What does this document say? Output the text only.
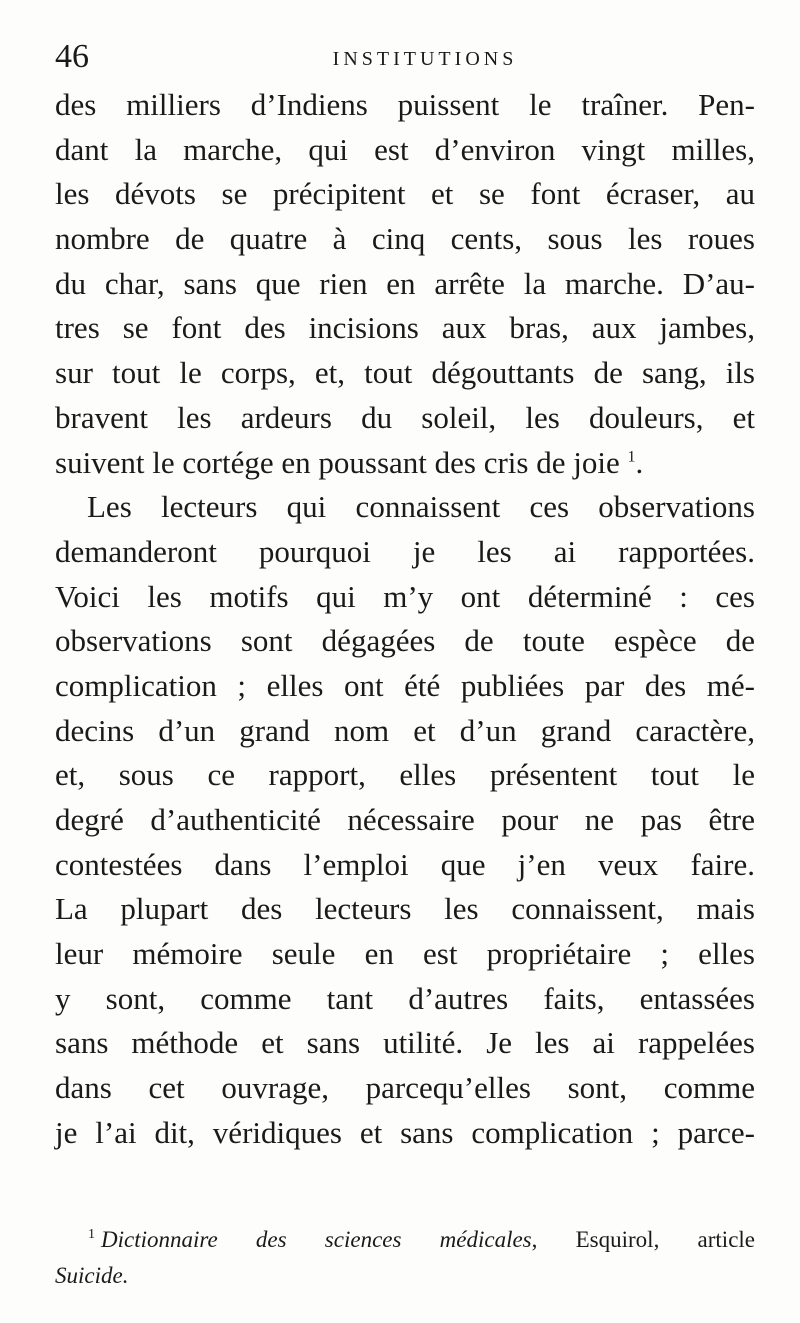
46	INSTITUTIONS
des milliers d’Indiens puissent le traîner. Pen-
dant la marche, qui est d’environ vingt milles,
les dévots se précipitent et se font écraser, au
nombre de quatre à cinq cents, sous les roues
du char, sans que rien en arrête la marche. D’au-
tres se font des incisions aux bras, aux jambes,
sur tout le corps, et, tout dégouttants de sang, ils
bravent les ardeurs du soleil, les douleurs, et
suivent le cortége en poussant des cris de joie $^1$.
Les lecteurs qui connaissent ces observations
demanderont pourquoi je les ai rapportées.
Voici les motifs qui m’y ont déterminé : ces
observations sont dégagées de toute espèce de
complication ; elles ont été publiées par des mé-
decins d’un grand nom et d’un grand caractère,
et, sous ce rapport, elles présentent tout le
degré d’authenticité nécessaire pour ne pas être
contestées dans l’emploi que j’en veux faire.
La plupart des lecteurs les connaissent, mais
leur mémoire seule en est propriétaire ; elles
y sont, comme tant d’autres faits, entassées
sans méthode et sans utilité. Je les ai rappelées
dans cet ouvrage, parcequ’elles sont, comme
je l’ai dit, véridiques et sans complication ; parce-
$^1$ Dictionnaire des sciences médicales, Esquirol, article
Suicide.
